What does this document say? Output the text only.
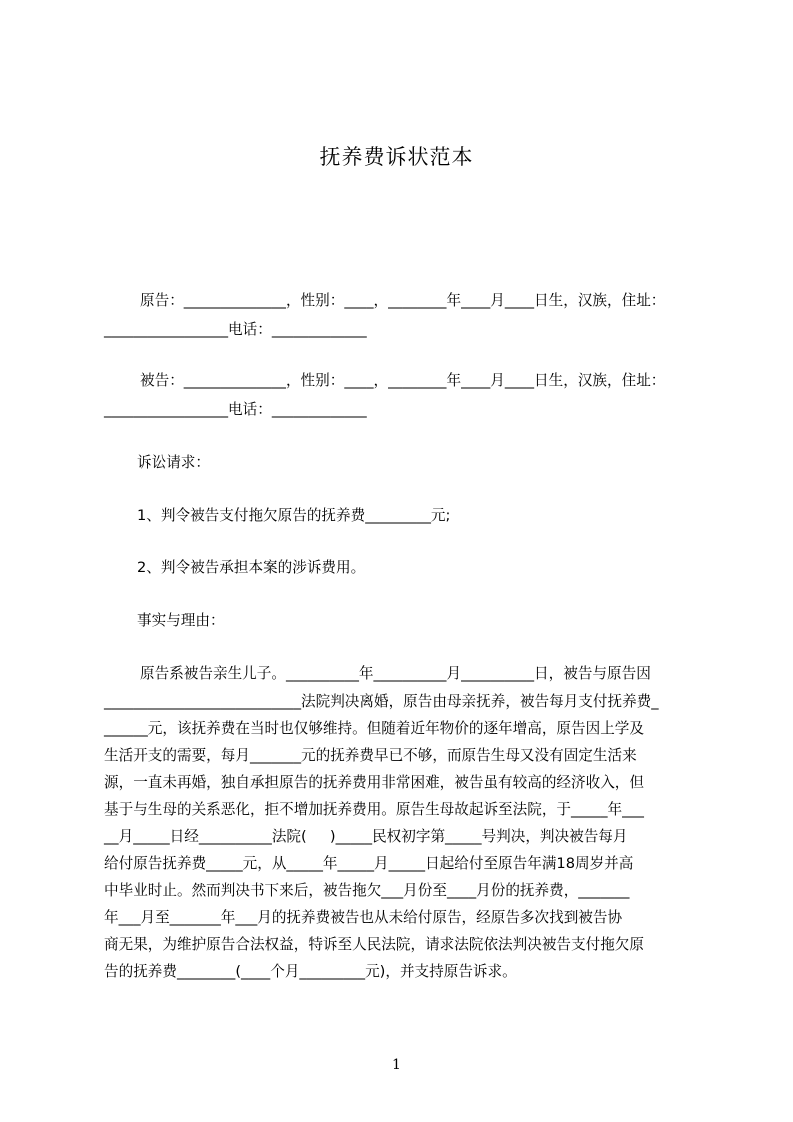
抚养费诉状范本
原告：______________，性别：____，________年____月____日生，汉族，住址：
_________________电话：_____________
被告：______________，性别：____，________年____月____日生，汉族，住址：
_________________电话：_____________
诉讼请求：
1、判令被告支付拖欠原告的抚养费_________元;
2、判令被告承担本案的涉诉费用。
事实与理由：
原告系被告亲生儿子。__________年__________月__________日，被告与原告因
___________________________法院判决离婚，原告由母亲抚养，被告每月支付抚养费_
______元，该抚养费在当时也仅够维持。但随着近年物价的逐年增高，原告因上学及
生活开支的需要，每月_______元的抚养费早已不够，而原告生母又没有固定生活来
源，一直未再婚，独自承担原告的抚养费用非常困难，被告虽有较高的经济收入，但
基于与生母的关系恶化，拒不增加抚养费用。原告生母故起诉至法院，于_____年___
__月_____日经__________法院(     )_____民权初字第_____号判决，判决被告每月
给付原告抚养费_____元，从_____年_____月_____日起给付至原告年满18周岁并高
中毕业时止。然而判决书下来后，被告拖欠___月份至____月份的抚养费，_______
年___月至_______年___月的抚养费被告也从未给付原告，经原告多次找到被告协
商无果，为维护原告合法权益，特诉至人民法院，请求法院依法判决被告支付拖欠原
告的抚养费________(____个月_________元)，并支持原告诉求。
1
